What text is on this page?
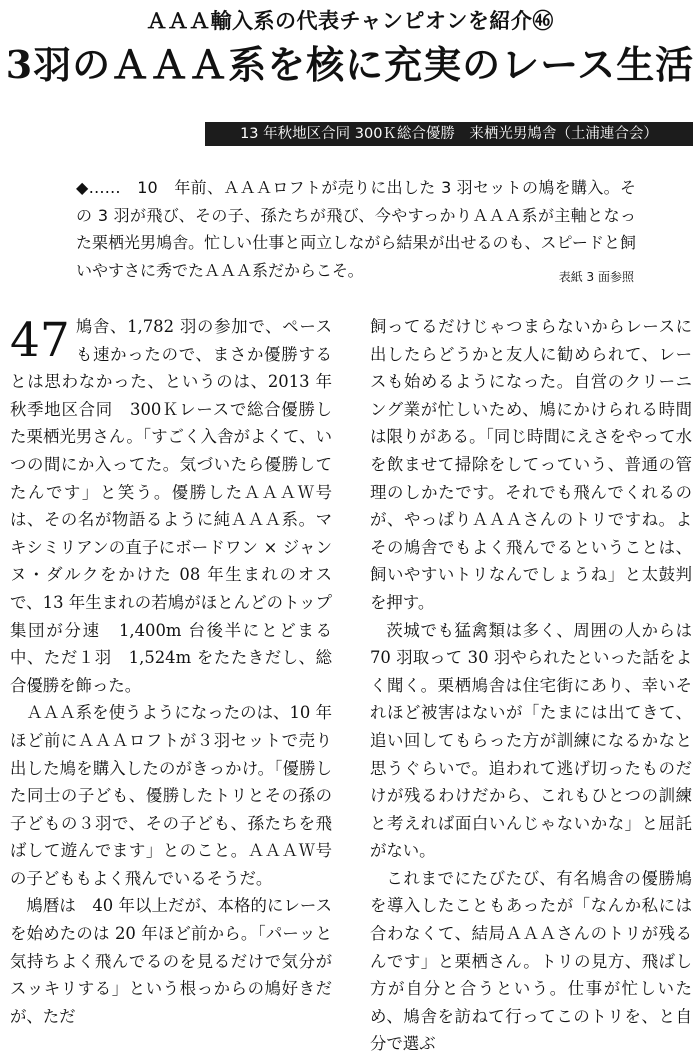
ＡＡＡ輸入系の代表チャンピオンを紹介㊻
3羽のＡＡＡ系を核に充実のレース生活
13 年秋地区合同 300Ｋ総合優勝　来栖光男鳩舎（土浦連合会）
◆……　10　年前、ＡＡＡロフトが売りに出した 3 羽セットの鳩を購入。その 3 羽が飛び、その子、孫たちが飛び、今やすっかりＡＡＡ系が主軸となった栗栖光男鳩舎。忙しい仕事と両立しながら結果が出せるのも、スピードと飼いやすさに秀でたＡＡＡ系だからこそ。	表紙 3 面参照

47 鳩舎、1,782 羽の参加で、ペースも速かったので、まさか優勝するとは思わなかった、というのは、2013 年秋季地区合同　300Ｋレースで総合優勝した栗栖光男さん。「すごく入舎がよくて、いつの間にか入ってた。気づいたら優勝してたんです」と笑う。優勝したＡＡＡＷ号は、その名が物語るように純ＡＡＡ系。マキシミリアンの直子にボードワン × ジャンヌ・ダルクをかけた 08 年生まれのオスで、13 年生まれの若鳩がほとんどのトップ集団が分速　1,400m 台後半にとどまる中、ただ１羽　1,524m をたたきだし、総合優勝を飾った。

ＡＡＡ系を使うようになったのは、10 年ほど前にＡＡＡロフトが３羽セットで売り出した鳩を購入したのがきっかけ。「優勝した同士の子ども、優勝したトリとその孫の子どもの３羽で、その子ども、孫たちを飛ばして遊んでます」とのこと。ＡＡＡＷ号の子どももよく飛んでいるそうだ。

鳩暦は　40 年以上だが、本格的にレースを始めたのは 20 年ほど前から。「パーッと気持ちよく飛んでるのを見るだけで気分がスッキリする」という根っからの鳩好きだが、ただ

飼ってるだけじゃつまらないからレースに出したらどうかと友人に勧められて、レースも始めるようになった。自営のクリーニング業が忙しいため、鳩にかけられる時間は限りがある。「同じ時間にえさをやって水を飲ませて掃除をしてっていう、普通の管理のしかたです。それでも飛んでくれるのが、やっぱりＡＡＡさんのトリですね。よその鳩舎でもよく飛んでるということは、飼いやすいトリなんでしょうね」と太鼓判を押す。

茨城でも猛禽類は多く、周囲の人からは 70 羽取って 30 羽やられたといった話をよく聞く。栗栖鳩舎は住宅街にあり、幸いそれほど被害はないが「たまには出てきて、追い回してもらった方が訓練になるかなと思うぐらいで。追われて逃げ切ったものだけが残るわけだから、これもひとつの訓練と考えれば面白いんじゃないかな」と屈託がない。

これまでにたびたび、有名鳩舎の優勝鳩を導入したこともあったが「なんか私には合わなくて、結局ＡＡＡさんのトリが残るんです」と栗栖さん。トリの見方、飛ばし方が自分と合うという。仕事が忙しいため、鳩舎を訪ねて行ってこのトリを、と自分で選ぶ
